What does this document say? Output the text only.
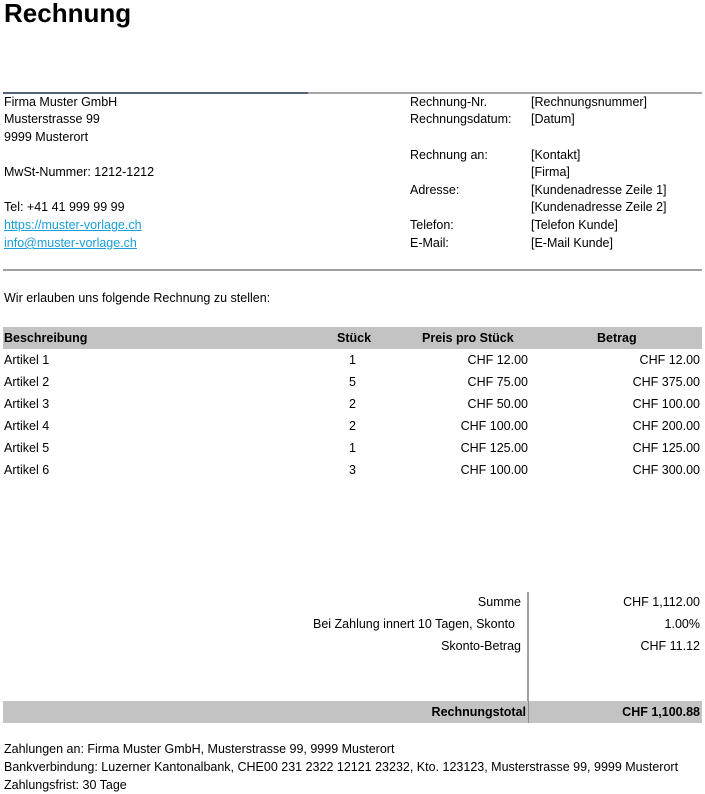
Rechnung
Firma Muster GmbH
Musterstrasse 99
9999 Musterort
MwSt-Nummer: 1212-1212
Tel: +41 41 999 99 99
https://muster-vorlage.ch
info@muster-vorlage.ch
Rechnung-Nr.	[Rechnungsnummer]
Rechnungsdatum: [Datum]
Rechnung an:	[Kontakt]
[Firma]
Adresse:	[Kundenadresse Zeile 1]
[Kundenadresse Zeile 2]
Telefon:	[Telefon Kunde]
E-Mail:	[E-Mail Kunde]
Wir erlauben uns folgende Rechnung zu stellen:
Beschreibung	Stück	Preis pro Stück	Betrag
Artikel 1	1	CHF 12.00	CHF 12.00
Artikel 2	5	CHF 75.00	CHF 375.00
Artikel 3	2	CHF 50.00	CHF 100.00
Artikel 4	2	CHF 100.00	CHF 200.00
Artikel 5	1	CHF 125.00	CHF 125.00
Artikel 6	3	CHF 100.00	CHF 300.00
Summe	CHF 1,112.00
Bei Zahlung innert 10 Tagen, Skonto	1.00%
Skonto-Betrag	CHF 11.12
Rechnungstotal	CHF 1,100.88
Zahlungen an: Firma Muster GmbH, Musterstrasse 99, 9999 Musterort
Bankverbindung: Luzerner Kantonalbank, CHE00 231 2322 12121 23232, Kto. 123123, Musterstrasse 99, 9999 Musterort
Zahlungsfrist: 30 Tage
